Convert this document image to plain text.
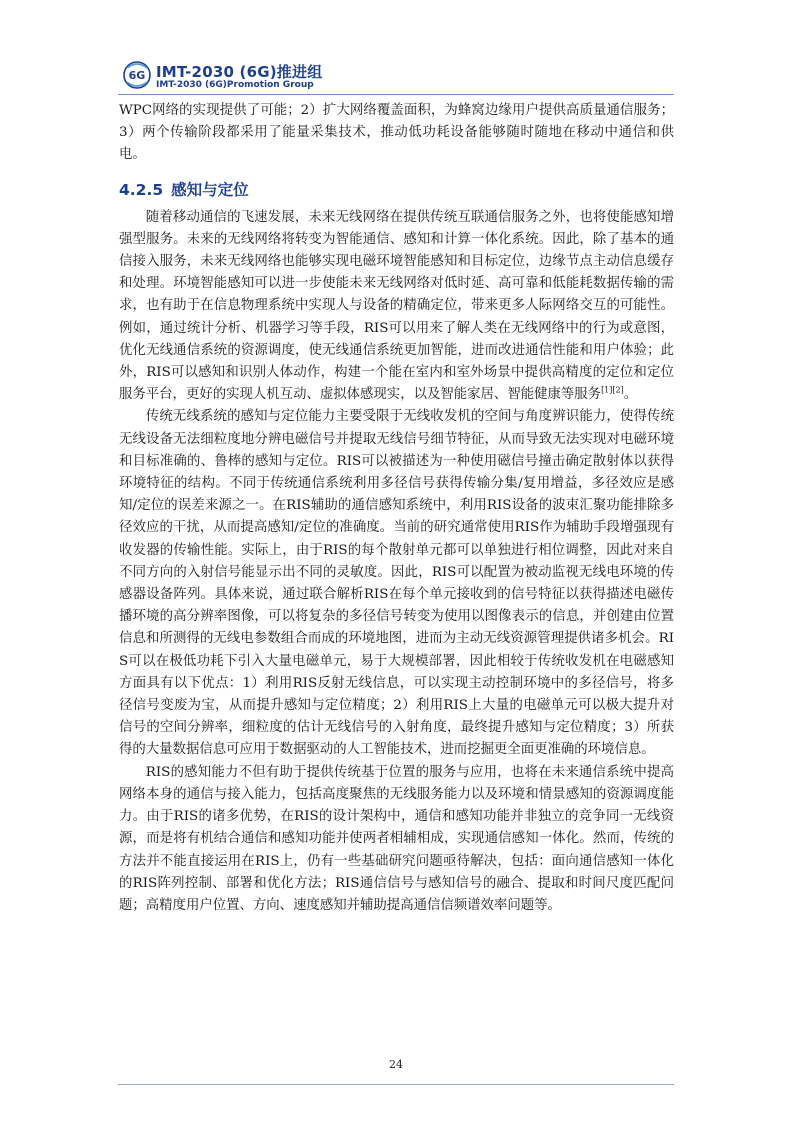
6G IMT-2030 (6G)推进组
IMT-2030 (6G)Promotion Group

WPC网络的实现提供了可能；2）扩大网络覆盖面积，为蜂窝边缘用户提供高质量通信服务；3）两个传输阶段都采用了能量采集技术，推动低功耗设备能够随时随地在移动中通信和供电。

4.2.5 感知与定位

随着移动通信的飞速发展，未来无线网络在提供传统互联通信服务之外，也将使能感知增强型服务。未来的无线网络将转变为智能通信、感知和计算一体化系统。因此，除了基本的通信接入服务，未来无线网络也能够实现电磁环境智能感知和目标定位，边缘节点主动信息缓存和处理。环境智能感知可以进一步使能未来无线网络对低时延、高可靠和低能耗数据传输的需求，也有助于在信息物理系统中实现人与设备的精确定位，带来更多人际网络交互的可能性。例如，通过统计分析、机器学习等手段，RIS可以用来了解人类在无线网络中的行为或意图，优化无线通信系统的资源调度，使无线通信系统更加智能，进而改进通信性能和用户体验；此外，RIS可以感知和识别人体动作，构建一个能在室内和室外场景中提供高精度的定位和定位服务平台，更好的实现人机互动、虚拟体感现实，以及智能家居、智能健康等服务[1][2]。

传统无线系统的感知与定位能力主要受限于无线收发机的空间与角度辨识能力，使得传统无线设备无法细粒度地分辨电磁信号并提取无线信号细节特征，从而导致无法实现对电磁环境和目标准确的、鲁棒的感知与定位。RIS可以被描述为一种使用磁信号撞击确定散射体以获得环境特征的结构。不同于传统通信系统利用多径信号获得传输分集/复用增益，多径效应是感知/定位的误差来源之一。在RIS辅助的通信感知系统中，利用RIS设备的波束汇聚功能排除多径效应的干扰，从而提高感知/定位的准确度。当前的研究通常使用RIS作为辅助手段增强现有收发器的传输性能。实际上，由于RIS的每个散射单元都可以单独进行相位调整，因此对来自不同方向的入射信号能显示出不同的灵敏度。因此，RIS可以配置为被动监视无线电环境的传感器设备阵列。具体来说，通过联合解析RIS在每个单元接收到的信号特征以获得描述电磁传播环境的高分辨率图像，可以将复杂的多径信号转变为使用以图像表示的信息，并创建由位置信息和所测得的无线电参数组合而成的环境地图，进而为主动无线资源管理提供诸多机会。RIS可以在极低功耗下引入大量电磁单元，易于大规模部署，因此相较于传统收发机在电磁感知方面具有以下优点：1）利用RIS反射无线信息，可以实现主动控制环境中的多径信号，将多径信号变废为宝，从而提升感知与定位精度；2）利用RIS上大量的电磁单元可以极大提升对信号的空间分辨率，细粒度的估计无线信号的入射角度，最终提升感知与定位精度；3）所获得的大量数据信息可应用于数据驱动的人工智能技术，进而挖掘更全面更准确的环境信息。

RIS的感知能力不但有助于提供传统基于位置的服务与应用，也将在未来通信系统中提高网络本身的通信与接入能力，包括高度聚焦的无线服务能力以及环境和情景感知的资源调度能力。由于RIS的诸多优势，在RIS的设计架构中，通信和感知功能并非独立的竞争同一无线资源，而是将有机结合通信和感知功能并使两者相辅相成，实现通信感知一体化。然而，传统的方法并不能直接运用在RIS上，仍有一些基础研究问题亟待解决，包括：面向通信感知一体化的RIS阵列控制、部署和优化方法；RIS通信信号与感知信号的融合、提取和时间尺度匹配问题；高精度用户位置、方向、速度感知并辅助提高通信信频谱效率问题等。

24
